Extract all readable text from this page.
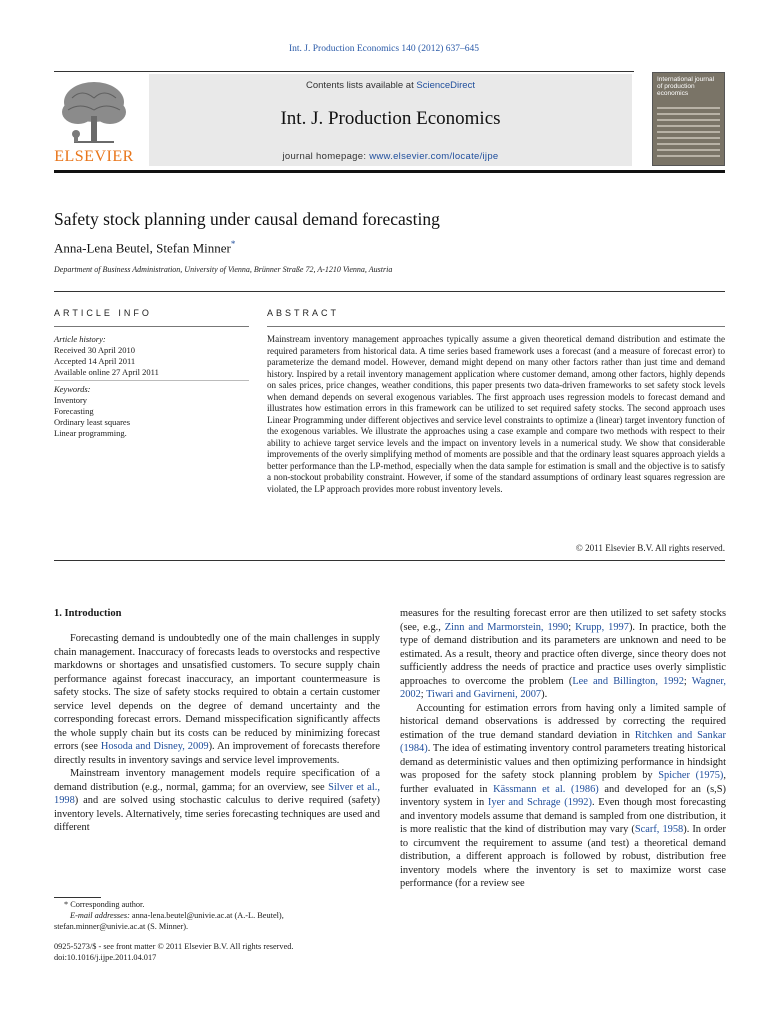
Int. J. Production Economics 140 (2012) 637–645
ELSEVIER
Contents lists available at ScienceDirect
Int. J. Production Economics
journal homepage: www.elsevier.com/locate/ijpe
International journal of production economics
Safety stock planning under causal demand forecasting
Anna-Lena Beutel, Stefan Minner*
Department of Business Administration, University of Vienna, Brünner Straße 72, A-1210 Vienna, Austria
ARTICLE INFO
Article history:
Received 30 April 2010
Accepted 14 April 2011
Available online 27 April 2011
Keywords:
Inventory
Forecasting
Ordinary least squares
Linear programming.
ABSTRACT
Mainstream inventory management approaches typically assume a given theoretical demand distribution and estimate the required parameters from historical data. A time series based framework uses a forecast (and a measure of forecast error) to parameterize the demand model. However, demand might depend on many other factors rather than just time and demand history. Inspired by a retail inventory management application where customer demand, among other factors, highly depends on sales prices, price changes, weather conditions, this paper presents two data-driven frameworks to set safety stock levels when demand depends on several exogenous variables. The first approach uses regression models to forecast demand and illustrates how estimation errors in this framework can be utilized to set required safety stocks. The second approach uses Linear Programming under different objectives and service level constraints to optimize a (linear) target inventory function of the exogenous variables. We illustrate the approaches using a case example and compare two methods with respect to their ability to achieve target service levels and the impact on inventory levels in a numerical study. We show that considerable improvements of the overly simplifying method of moments are possible and that the ordinary least squares approach yields a better performance than the LP-method, especially when the data sample for estimation is small and the objective is to satisfy a non-stockout probability constraint. However, if some of the standard assumptions of ordinary least squares regression are violated, the LP approach provides more robust inventory levels.
© 2011 Elsevier B.V. All rights reserved.
1. Introduction

Forecasting demand is undoubtedly one of the main challenges in supply chain management. Inaccuracy of forecasts leads to overstocks and respective markdowns or shortages and unsatisfied customers. To secure supply chain performance against forecast inaccuracy, an important countermeasure is safety stocks. The size of safety stocks required to obtain a certain customer service level depends on the degree of demand uncertainty and the corresponding forecast errors. Demand misspecification significantly affects the whole supply chain but its costs can be reduced by minimizing forecast errors (see Hosoda and Disney, 2009). An improvement of forecasts therefore directly results in inventory savings and service level improvements.

Mainstream inventory management models require specification of a demand distribution (e.g., normal, gamma; for an overview, see Silver et al., 1998) and are solved using stochastic calculus to derive required (safety) inventory levels. Alternatively, time series forecasting techniques are used and different

measures for the resulting forecast error are then utilized to set safety stocks (see, e.g., Zinn and Marmorstein, 1990; Krupp, 1997). In practice, both the type of demand distribution and its parameters are unknown and need to be estimated. As a result, theory and practice often diverge, since theory does not sufficiently address the needs of practice and practice uses overly simplistic approaches to overcome the problem (Lee and Billington, 1992; Wagner, 2002; Tiwari and Gavirneni, 2007).

Accounting for estimation errors from having only a limited sample of historical demand observations is addressed by correcting the required estimation of the true demand standard deviation in Ritchken and Sankar (1984). The idea of estimating inventory control parameters treating historical demand as deterministic values and then optimizing performance in hindsight was proposed for the safety stock planning problem by Spicher (1975), further evaluated in Kässmann et al. (1986) and developed for an (s,S) inventory system in Iyer and Schrage (1992). Even though most forecasting and inventory models assume that demand is sampled from one distribution, it is more realistic that the kind of distribution may vary (Scarf, 1958). In order to circumvent the requirement to assume (and test) a theoretical demand distribution, a different approach is followed by robust, distribution free inventory models where the inventory is set to maximize worst case performance (for a review see

* Corresponding author.
E-mail addresses: anna-lena.beutel@univie.ac.at (A.-L. Beutel),
stefan.minner@univie.ac.at (S. Minner).
0925-5273/$ - see front matter © 2011 Elsevier B.V. All rights reserved.
doi:10.1016/j.ijpe.2011.04.017
